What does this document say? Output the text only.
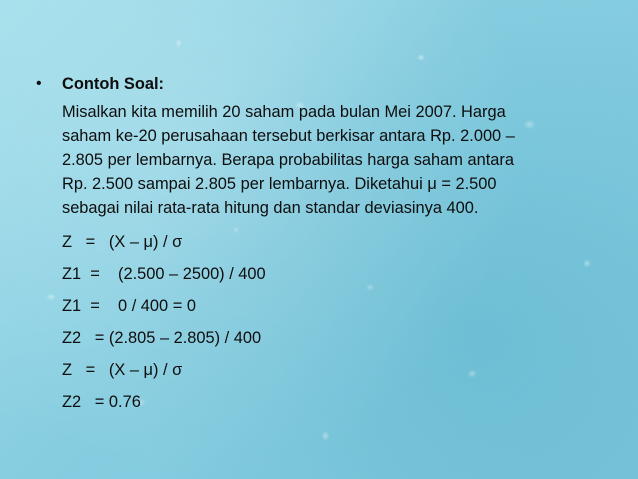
•	Contoh Soal:
Misalkan kita memilih 20 saham pada bulan Mei 2007. Harga
saham ke-20 perusahaan tersebut berkisar antara Rp. 2.000 –
2.805 per lembarnya. Berapa probabilitas harga saham antara
Rp. 2.500 sampai 2.805 per lembarnya. Diketahui μ = 2.500
sebagai nilai rata-rata hitung dan standar deviasinya 400.
Z   =   (X – μ) / σ
Z1  =    (2.500 – 2500) / 400
Z1  =    0 / 400 = 0
Z2   = (2.805 – 2.805) / 400
Z   =   (X – μ) / σ
Z2   = 0.76
